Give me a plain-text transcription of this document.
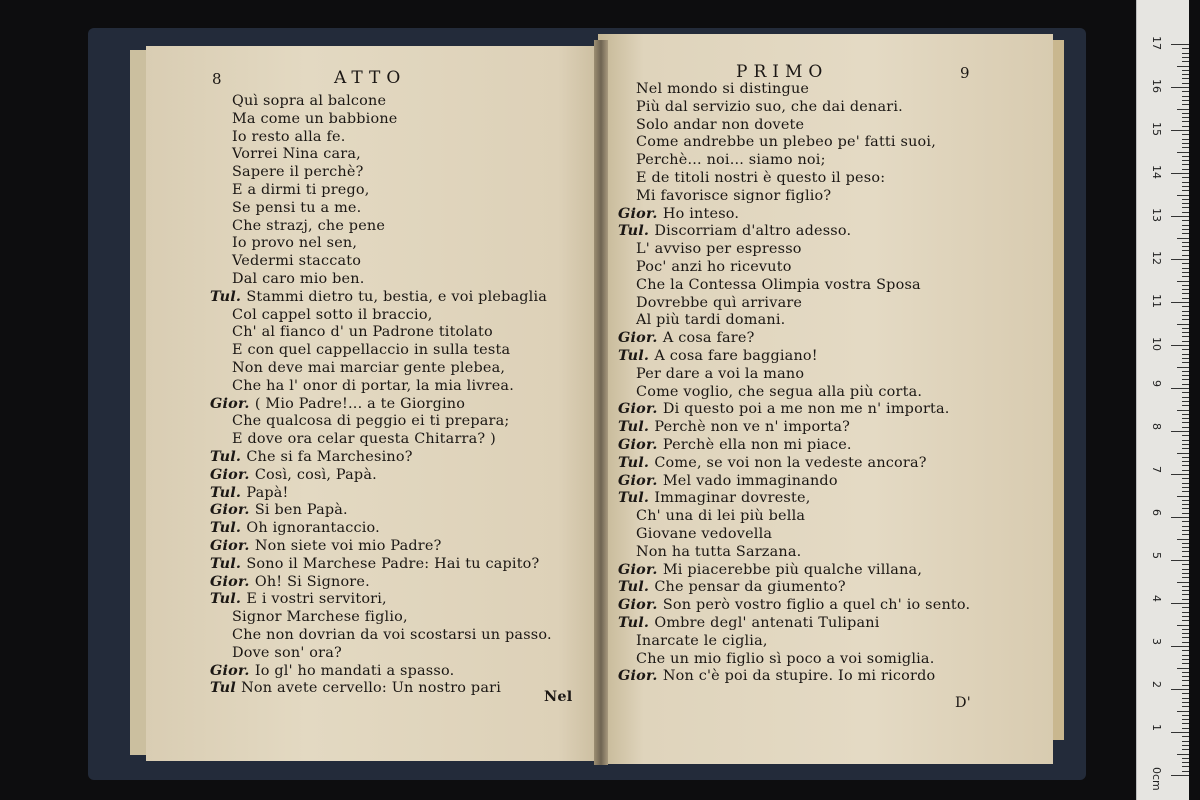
8	ATTO
Quì sopra al balcone
Ma come un babbione
Io resto alla fe.
Vorrei Nina cara,
Sapere il perchè?
E a dirmi ti prego,
Se pensi tu a me.
Che strazj, che pene
Io provo nel sen,
Vedermi staccato
Dal caro mio ben.
Tul. Stammi dietro tu, bestia, e voi plebaglia
Col cappel sotto il braccio,
Ch' al fianco d' un Padrone titolato
E con quel cappellaccio in sulla testa
Non deve mai marciar gente plebea,
Che ha l' onor di portar, la mia livrea.
Gior. ( Mio Padre!... a te Giorgino
Che qualcosa di peggio ei ti prepara;
E dove ora celar questa Chitarra? )
Tul. Che si fa Marchesino?
Gior. Così, così, Papà.
Tul. Papà!
Gior. Si ben Papà.
Tul. Oh ignorantaccio.
Gior. Non siete voi mio Padre?
Tul. Sono il Marchese Padre: Hai tu capito?
Gior. Oh! Si Signore.
Tul. E i vostri servitori,
Signor Marchese figlio,
Che non dovrian da voi scostarsi un passo.
Dove son' ora?
Gior. Io gl' ho mandati a spasso.
Tul Non avete cervello: Un nostro pari	Nel
PRIMO	9
Nel mondo si distingue
Più dal servizio suo, che dai denari.
Solo andar non dovete
Come andrebbe un plebeo pe' fatti suoi,
Perchè... noi... siamo noi;
E de titoli nostri è questo il peso:
Mi favorisce signor figlio?
Gior. Ho inteso.
Tul. Discorriam d'altro adesso.
L' avviso per espresso
Poc' anzi ho ricevuto
Che la Contessa Olimpia vostra Sposa
Dovrebbe quì arrivare
Al più tardi domani.
Gior. A cosa fare?
Tul. A cosa fare baggiano!
Per dare a voi la mano
Come voglio, che segua alla più corta.
Gior. Di questo poi a me non me n' importa.
Tul. Perchè non ve n' importa?
Gior. Perchè ella non mi piace.
Tul. Come, se voi non la vedeste ancora?
Gior. Mel vado immaginando
Tul. Immaginar dovreste,
Ch' una di lei più bella
Giovane vedovella
Non ha tutta Sarzana.
Gior. Mi piacerebbe più qualche villana,
Tul. Che pensar da giumento?
Gior. Son però vostro figlio a quel ch' io sento.
Tul. Ombre degl' antenati Tulipani
Inarcate le ciglia,
Che un mio figlio sì poco a voi somiglia.
Gior. Non c'è poi da stupire. Io mi ricordo
D'
17
16
15
14
13
12
11
10
9
8
7
6
5
4
3
2
1
0cm
